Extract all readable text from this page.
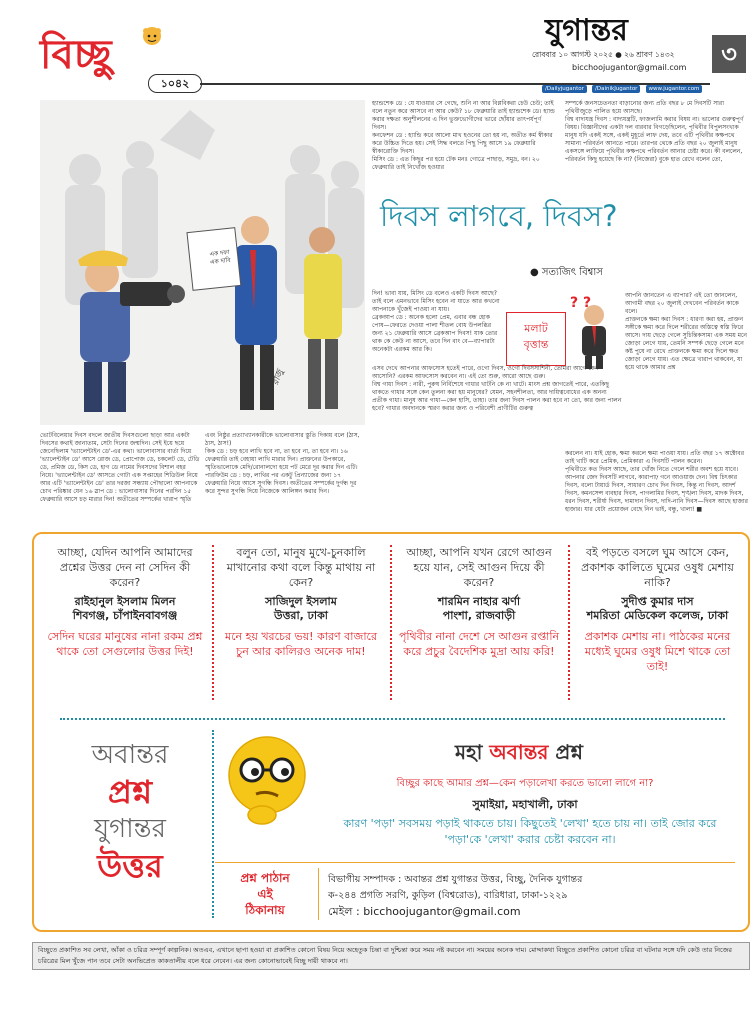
বিচ্ছু
১০৪২
যুগান্তর
রোববার ১০ আগস্ট ২০২৫ ● ২৬ শ্রাবণ ১৪৩২
bicchoojugantor@gmail.com
/Dailyjugantor /DainikJugantor www.jugantor.com
৩
এক দফা
এক দাবি
রাজু

হ্যান্ডশেক ডে : যে যাওয়ার সে গেছে, শুনি না আর বিপ্লবিকরা চেউ চেউ; তাই বলে নতুন করে আসবে না আর কেউ? ১৮ ফেব্রুয়ারি তাই হ্যান্ডশেক ডে। হ্যান্ড করার দক্ষতা অনুশীলনের এ দিন ভুক্তভোগীদের ভারে ছোঁয়ার তাৎপর্যপূর্ণ দিবস।

কনফেশন ডে : হ্যান্ডি করে আলো মাখ হওনের তো হয় না, অতীত কর্ম স্বীকার করে উচ্চিত দিতে হয়। সেই সিদ্ধ বলতে পিছু পিছু আসে ১৯ ফেব্রুয়ারি স্বীকারোক্তি দিবস।

মিসিং ডে : এত কিছুর পর হয়ে টেক মনঃ গোত্রে পাছাড়, সমুদ্র, বন। ২০ ফেব্রুয়ারি তাই নিখোঁজ হওয়ার

সম্পর্কে জনসচেতনতা বাড়ানোর জন্য প্রতি বছর ৮ মে দিবসটি সারা পৃথিবীজুড়ে পালিত হয়ে আসছে।

বিশ্ব বাদ্যযন্ত্র দিবস : বাদ্যযন্ত্রটি, ফাজলামি করার বিষয় না। ভালোর গুরুত্বপূর্ণ বিষয়। বিজ্ঞানীদের একটা দল বারবার বিগড়েছিলেন, পৃথিবীর বিপুলসংখ্যক মানুষ যদি একই সঙ্গে, একই মুহূর্তে লাফ দেয়, তবে এটি পৃথিবীর কক্ষপথে সামান্য পরিবর্তন আনতে পারে। তারপর থেকে প্রতি বছর ২০ জুলাই মানুষ একসঙ্গে লাফিয়ে পৃথিবীর কক্ষপথে পরিবর্তন আনার চেষ্টা করে। কী বললেন, পরিবর্তন কিছু হয়েছে কি না? (নিজেরা) বুকে হাত রেখে বলেন তো,

দিবস লাগবে, দিবস?
● সত্যজিৎ বিশ্বাস

দিন! ভাবা যায়, মিসিং ডে বলেও একটি দিবস আছে? তাই বলে এমনভাবে মিসিং হবেন না যাতে আর কখনো আপনাকে খুঁজেই পাওয়া না যায়।

ব্রেকআপ ডে : অনেক হলো প্রেম, এবার বন্ধ হোক পোষ—ফেরতে দেওয়া পালা শীতল বোধ উপলব্ধির জন্য ২১ ফেব্রুয়ারি আসে ব্রেকআপ দিবস! যাক তোর থাক কে কেউ না আসে, তবে দিন বাং বে—ব্যাপারটা অনেকটা এরকম আর কি।

মলাট
বৃত্তান্ত
? ?

এসব দেখে আপনার আফসোস হতেই পারে, ওগো দিবস, ওগো দিবসসাশিনী, তোমরা আগে কেন আসোনি? এরকম আফসোস করবেন না। এই তো শুরু, আরো আছে গুরু।

বিশ্ব গাধা দিবস : নারী, পুরুষ নির্বিশেষে গাধার খাটনি কে না খাটে। মাংস প্রশ্ন জাগতেই পারে, এতকিছু থাকতে গাধার সঙ্গে কেন তুলনা করা হয় মানুষের? যেমন, সহনশীলতা, আর দায়িত্ববোধের এক অনন্য প্রতীক গাধা। মানুষ আর গাধা—কেন হাসি, তাহা। তার জন্য দিবস পালন করা হবে না তো, কার জন্য পালন হবে? গাধার অবদানকে স্মরণ করার জন্য ও পরিবেশী প্রাণীটির গুরুত্ব

আপনি জানতেন এ ব্যাপার? এই তো জানলেন, আগামী বছর ২০ জুলাই দেখবেন পরিবর্তন কাকে বলে।

প্রাক্তনকে ক্ষমা করা দিবস : ধারণা করা হয়, প্রাক্তন সঙ্গীকে ক্ষমা করে দিলে শরীরের অস্তিত্বে স্বস্তি ফিরে আসে। দায় ছেড়ে গেলে সুচিন্তিকসাম্য এক সময় মনে জোড়া লেগে যায়, তেমনি সম্পর্ক ছেড়ে গেলে মনে কষ্ট পুষে না রেখে প্রাক্তনকে ক্ষমা করে দিলে ক্ষত জোড়া লেগে যায়। এত ক্ষেত্রে খারাপ থাকবেন, যা হয়ে থাকে আমার প্রশ্ন

করলেন না। যাই হোক, ক্ষমা করলে ক্ষমা পাওয়া যায়। প্রতি বছর ১৭ অক্টোবর তাই খাটি করে প্রেমিক, প্রেমিকারা এ দিবসটি পালন করেন।

পৃথিবীতে কত দিবস আছে, তার খোঁজ নিতে গেলে শরীর অবশ হয়ে যাবে। আপনার জেদ দিবসটি লাগবে, কারাপাঢ় গনে আওয়াজ দেন। বিশ্ব চিৎকার দিবস, বলো টায়ার্ড দিবস, সাধারণ চোখ দিন দিবস, কিন্তু না দিবস, আদর্শ দিবস, কমনসেন্স ব্যবহার দিবস, পাগলামির দিবস, শৃঙ্খলা দিবস, মাদক দিবস, ধরন দিবস, শরীর্ষা দিবস, দামাদান দিবস, দাদি-নানি দিবস—দিবস আছে হাজার হাজার। যার যেটা প্রয়োজন বেছে নিন ভাই, বন্ধু, খালা! ■

ভোটবিলেয়ার দিবস বদলে জাতীয় দিবসগুলো ছাড়া আর একটা দিবসের কথাই জানাতাম, সেটা দিনের জন্মদিন। সেই ইয়ে ছয়ে জেনেছিলাম 'ভ্যালেন্টাইন ডে'-এর কথা। ভালোবাসার বার্তা দিয়ে 'ভ্যালেন্টাইন ডে' আসে রোজ ডে, প্রোপোজ ডে, চকলেট ডে, টেডি ডে, প্রমিজ ডে, কিস ডে, হাগ ডে নামের দিবসদের বিশাল বহর নিয়ে। 'ভ্যালেন্টাইন ডে' আসতে গোটা এক সপ্তাহের শিডিউল নিয়ে আর এটি 'ভ্যালেন্টাইন ডে' তার দরজা সন্ধ্যায় পৌছালো আপনাকে চোখ পরিষ্কার যেন ১৬ স্লাপ ডে : ভালোবাসার দিনের পরদিন ১৫ ফেব্রুয়ারি আসে চড় মারার দিন! অতীতের সম্পর্কের খারাপ স্মৃতি
এবং নিষ্ঠুর প্রত্যাখ্যানকারীকে ভালোবাসার স্তুতি দিকায় বলে (ঠাস, ঠাস, ঠাস!)
কিক ডে : চড় হবে লাখি হবে না, তা হবে না, তা হবে না। ১৬ ফেব্রুয়ারি তাই বেহায়া লাখি মারার দিন। প্রাক্তনের উপকারে, স্মৃতিভালোকে মেদি/রোনালদো হয়ে পট মেরে দূর করার দিন এটি।
পারফিউম ডে : চড়, লাথির পর একটু প্রিন্যাজের জন্য ১৭ ফেব্রুয়ারি নিয়ে আসে সুগন্ধি দিবস। অতীতের সম্পর্কের দুর্গন্ধ দূর করে সুন্দর সুগন্ধি দিয়ে নিজেকে আলিঙ্গন করার দিন।
আচ্ছা, যেদিন আপনি আমাদের প্রশ্নের উত্তর দেন না সেদিন কী করেন?
রাইহানুল ইসলাম মিলন
শিবগঞ্জ, চাঁপাইনবাবগঞ্জ
সেদিন ঘরের মানুষের নানা রকম প্রশ্ন থাকে তো সেগুলোর উত্তর দিই!
বলুন তো, মানুষ মুখে-চুনকালি মাখানোর কথা বলে কিন্তু মাথায় না কেন?
সাজিদুল ইসলাম
উত্তরা, ঢাকা
মনে হয় খরচের ভয়! কারণ বাজারে চুন আর কালিরও অনেক দাম!
আচ্ছা, আপনি যখন রেগে আগুন হয়ে যান, সেই আগুন দিয়ে কী করেন?
শারমিন নাহার ঝর্ণা
পাংশা, রাজবাড়ী
পৃথিবীর নানা দেশে সে আগুন রপ্তানি করে প্রচুর বৈদেশিক মুদ্রা আয় করি!
বই পড়তে বসলে ঘুম আসে কেন, প্রকাশক কালিতে ঘুমের ওষুধ মেশায় নাকি?
সুদীপ্ত কুমার দাস
শমরিতা মেডিকেল কলেজ, ঢাকা
প্রকাশক মেশায় না। পাঠকের মনের মধ্যেই ঘুমের ওষুধ মিশে থাকে তো তাই!
অবান্তর
প্রশ্ন
যুগান্তর
উত্তর
মহা অবান্তর প্রশ্ন
বিচ্ছুর কাছে আমার প্রশ্ন—কেন পড়ালেখা করতে ভালো লাগে না?
সুমাইয়া, মহাখালী, ঢাকা
কারণ 'পড়া' সবসময় পড়াই থাকতে চায়। কিছুতেই 'লেখা' হতে চায় না। তাই জোর করে 'পড়া'কে 'লেখা' করার চেষ্টা করবেন না।
প্রশ্ন পাঠান
এই
ঠিকানায়
বিভাগীয় সম্পাদক : অবান্তর প্রশ্ন যুগান্তর উত্তর, বিচ্ছু, দৈনিক যুগান্তর
ক-২৪৪ প্রগতি সরণি, কুড়িল (বিশ্বরোড), বারিধারা, ঢাকা-১২২৯
মেইল : bicchoojugantor@gmail.com
বিচ্ছুতে প্রকাশিত সব লেখা, আঁকা ও চরিত্র সম্পূর্ণ কাল্পনিক। অতএব, এখানে ছাপা হওয়া বা প্রকাশিত কোনো বিষয় নিয়ে অহেতুক চিন্তা বা দুশ্চিন্তা করে সময় নষ্ট করবেন না। সময়ের অনেক দাম। মোদ্দাকথা বিচ্ছুতে প্রকাশিত কোনো চরিত্র বা ঘটনার সঙ্গে যদি কেউ তার নিজের চরিত্রের মিল খুঁজে পান তবে সেটা অনভিপ্রেত কাকতালীয় বলে ধরে নেবেন। এর জন্য কোনোভাবেই বিচ্ছু দায়ী থাকবে না।
